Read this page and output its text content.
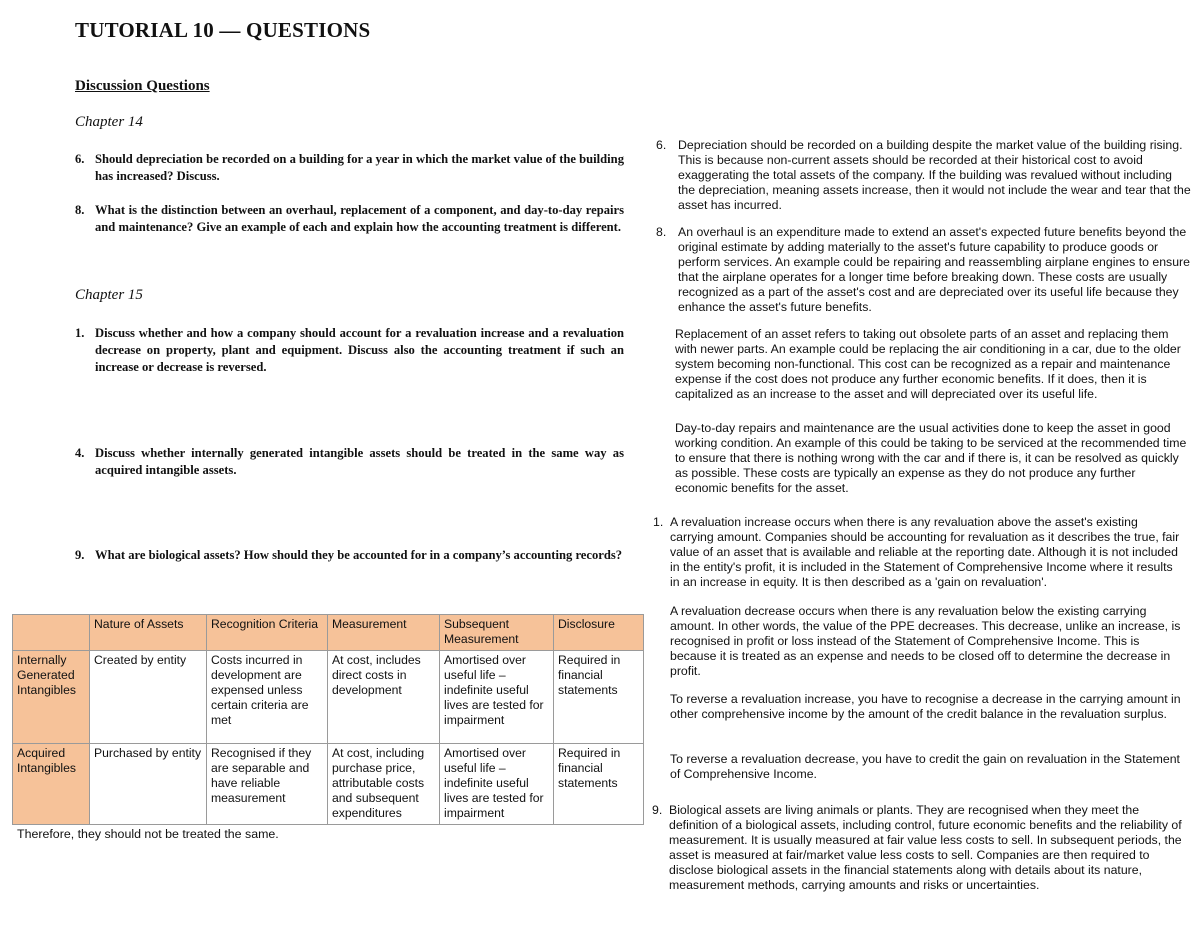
TUTORIAL 10 — QUESTIONS
Discussion Questions
Chapter 14
6. Should depreciation be recorded on a building for a year in which the market value of the building has increased? Discuss.
8. What is the distinction between an overhaul, replacement of a component, and day-to-day repairs and maintenance? Give an example of each and explain how the accounting treatment is different.
Chapter 15
1. Discuss whether and how a company should account for a revaluation increase and a revaluation decrease on property, plant and equipment. Discuss also the accounting treatment if such an increase or decrease is reversed.
4. Discuss whether internally generated intangible assets should be treated in the same way as acquired intangible assets.
9. What are biological assets? How should they be accounted for in a company’s accounting records?
	Nature of Assets	Recognition Criteria	Measurement	Subsequent Measurement	Disclosure
Internally Generated Intangibles	Created by entity	Costs incurred in development are expensed unless certain criteria are met	At cost, includes direct costs in development	Amortised over useful life – indefinite useful lives are tested for impairment	Required in financial statements
Acquired Intangibles	Purchased by entity	Recognised if they are separable and have reliable measurement	At cost, including purchase price, attributable costs and subsequent expenditures	Amortised over useful life – indefinite useful lives are tested for impairment	Required in financial statements
Therefore, they should not be treated the same.
6. Depreciation should be recorded on a building despite the market value of the building rising. This is because non-current assets should be recorded at their historical cost to avoid exaggerating the total assets of the company. If the building was revalued without including the depreciation, meaning assets increase, then it would not include the wear and tear that the asset has incurred.
8. An overhaul is an expenditure made to extend an asset's expected future benefits beyond the original estimate by adding materially to the asset's future capability to produce goods or perform services. An example could be repairing and reassembling airplane engines to ensure that the airplane operates for a longer time before breaking down. These costs are usually recognized as a part of the asset's cost and are depreciated over its useful life because they enhance the asset's future benefits.
Replacement of an asset refers to taking out obsolete parts of an asset and replacing them with newer parts. An example could be replacing the air conditioning in a car, due to the older system becoming non-functional. This cost can be recognized as a repair and maintenance expense if the cost does not produce any further economic benefits. If it does, then it is capitalized as an increase to the asset and will depreciated over its useful life.
Day-to-day repairs and maintenance are the usual activities done to keep the asset in good working condition. An example of this could be taking to be serviced at the recommended time to ensure that there is nothing wrong with the car and if there is, it can be resolved as quickly as possible. These costs are typically an expense as they do not produce any further economic benefits for the asset.
1. A revaluation increase occurs when there is any revaluation above the asset's existing carrying amount. Companies should be accounting for revaluation as it describes the true, fair value of an asset that is available and reliable at the reporting date. Although it is not included in the entity's profit, it is included in the Statement of Comprehensive Income where it results in an increase in equity. It is then described as a 'gain on revaluation'.
A revaluation decrease occurs when there is any revaluation below the existing carrying amount. In other words, the value of the PPE decreases. This decrease, unlike an increase, is recognised in profit or loss instead of the Statement of Comprehensive Income. This is because it is treated as an expense and needs to be closed off to determine the decrease in profit.
To reverse a revaluation increase, you have to recognise a decrease in the carrying amount in other comprehensive income by the amount of the credit balance in the revaluation surplus.
To reverse a revaluation decrease, you have to credit the gain on revaluation in the Statement of Comprehensive Income.
9. Biological assets are living animals or plants. They are recognised when they meet the definition of a biological assets, including control, future economic benefits and the reliability of measurement. It is usually measured at fair value less costs to sell. In subsequent periods, the asset is measured at fair/market value less costs to sell. Companies are then required to disclose biological assets in the financial statements along with details about its nature, measurement methods, carrying amounts and risks or uncertainties.
